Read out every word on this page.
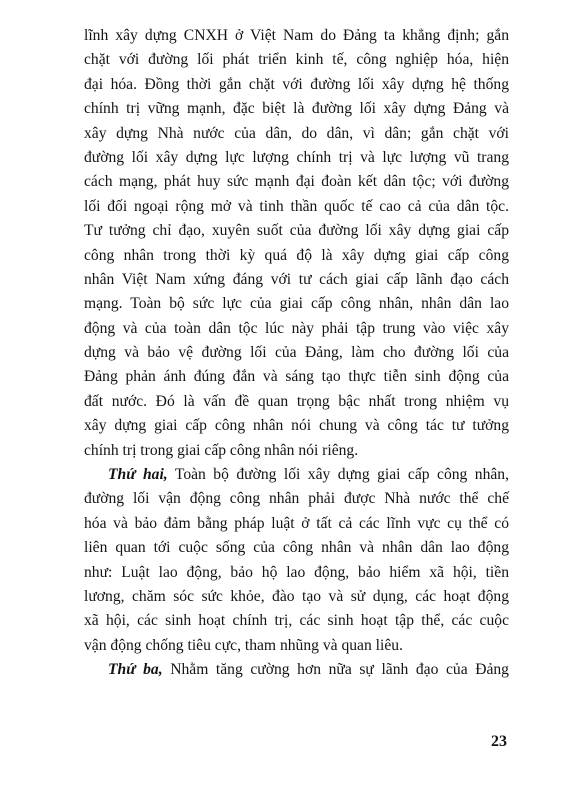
lĩnh xây dựng CNXH ở Việt Nam do Đảng ta khẳng định; gắn
chặt với đường lối phát triển kinh tế, công nghiệp hóa, hiện
đại hóa. Đồng thời gắn chặt với đường lối xây dựng hệ thống
chính trị vững mạnh, đặc biệt là đường lối xây dựng Đảng và
xây dựng Nhà nước của dân, do dân, vì dân; gắn chặt với
đường lối xây dựng lực lượng chính trị và lực lượng vũ trang
cách mạng, phát huy sức mạnh đại đoàn kết dân tộc; với đường
lối đối ngoại rộng mở và tinh thần quốc tế cao cả của dân tộc.
Tư tưởng chỉ đạo, xuyên suốt của đường lối xây dựng giai cấp
công nhân trong thời kỳ quá độ là xây dựng giai cấp công
nhân Việt Nam xứng đáng với tư cách giai cấp lãnh đạo cách
mạng. Toàn bộ sức lực của giai cấp công nhân, nhân dân lao
động và của toàn dân tộc lúc này phải tập trung vào việc xây
dựng và bảo vệ đường lối của Đảng, làm cho đường lối của
Đảng phản ánh đúng đắn và sáng tạo thực tiễn sinh động của
đất nước. Đó là vấn đề quan trọng bậc nhất trong nhiệm vụ
xây dựng giai cấp công nhân nói chung và công tác tư tưởng
chính trị trong giai cấp công nhân nói riêng.
Thứ hai, Toàn bộ đường lối xây dựng giai cấp công nhân,
đường lối vận động công nhân phải được Nhà nước thể chế
hóa và bảo đảm bằng pháp luật ở tất cả các lĩnh vực cụ thể có
liên quan tới cuộc sống của công nhân và nhân dân lao động
như: Luật lao động, bảo hộ lao động, bảo hiểm xã hội, tiền
lương, chăm sóc sức khỏe, đào tạo và sử dụng, các hoạt động
xã hội, các sinh hoạt chính trị, các sinh hoạt tập thể, các cuộc
vận động chống tiêu cực, tham nhũng và quan liêu.
Thứ ba, Nhằm tăng cường hơn nữa sự lãnh đạo của Đảng
23
